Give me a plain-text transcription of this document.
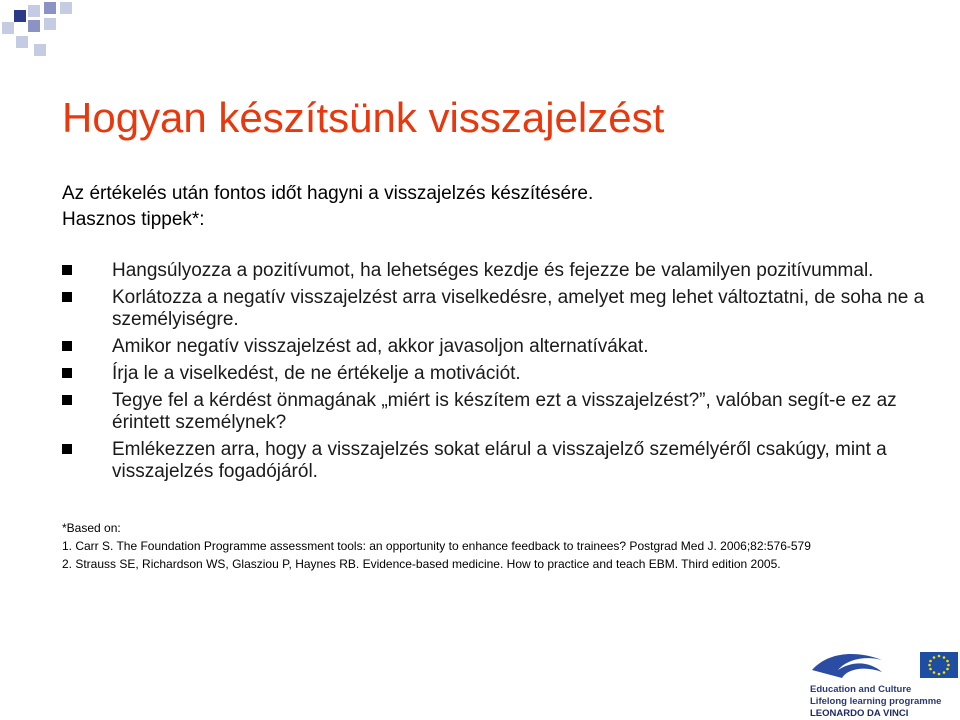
Hogyan készítsünk visszajelzést
Az értékelés után fontos időt hagyni a visszajelzés készítésére.
Hasznos tippek*:
Hangsúlyozza a pozitívumot, ha lehetséges kezdje és fejezze be valamilyen pozitívummal.
Korlátozza a negatív visszajelzést arra viselkedésre, amelyet meg lehet változtatni, de soha ne a személyiségre.
Amikor negatív visszajelzést ad, akkor javasoljon alternatívákat.
Írja le a viselkedést, de ne értékelje a motivációt.
Tegye fel a kérdést önmagának „miért is készítem ezt a visszajelzést?”, valóban segít-e ez az érintett személynek?
Emlékezzen arra, hogy a visszajelzés sokat elárul a visszajelző személyéről csakúgy, mint a visszajelzés fogadójáról.
*Based on:
1. Carr S. The Foundation Programme assessment tools: an opportunity to enhance feedback to trainees? Postgrad Med J. 2006;82:576-579
2. Strauss SE, Richardson WS, Glasziou P, Haynes RB. Evidence-based medicine. How to practice and teach EBM. Third edition 2005.
Education and Culture
Lifelong learning programme
LEONARDO DA VINCI
